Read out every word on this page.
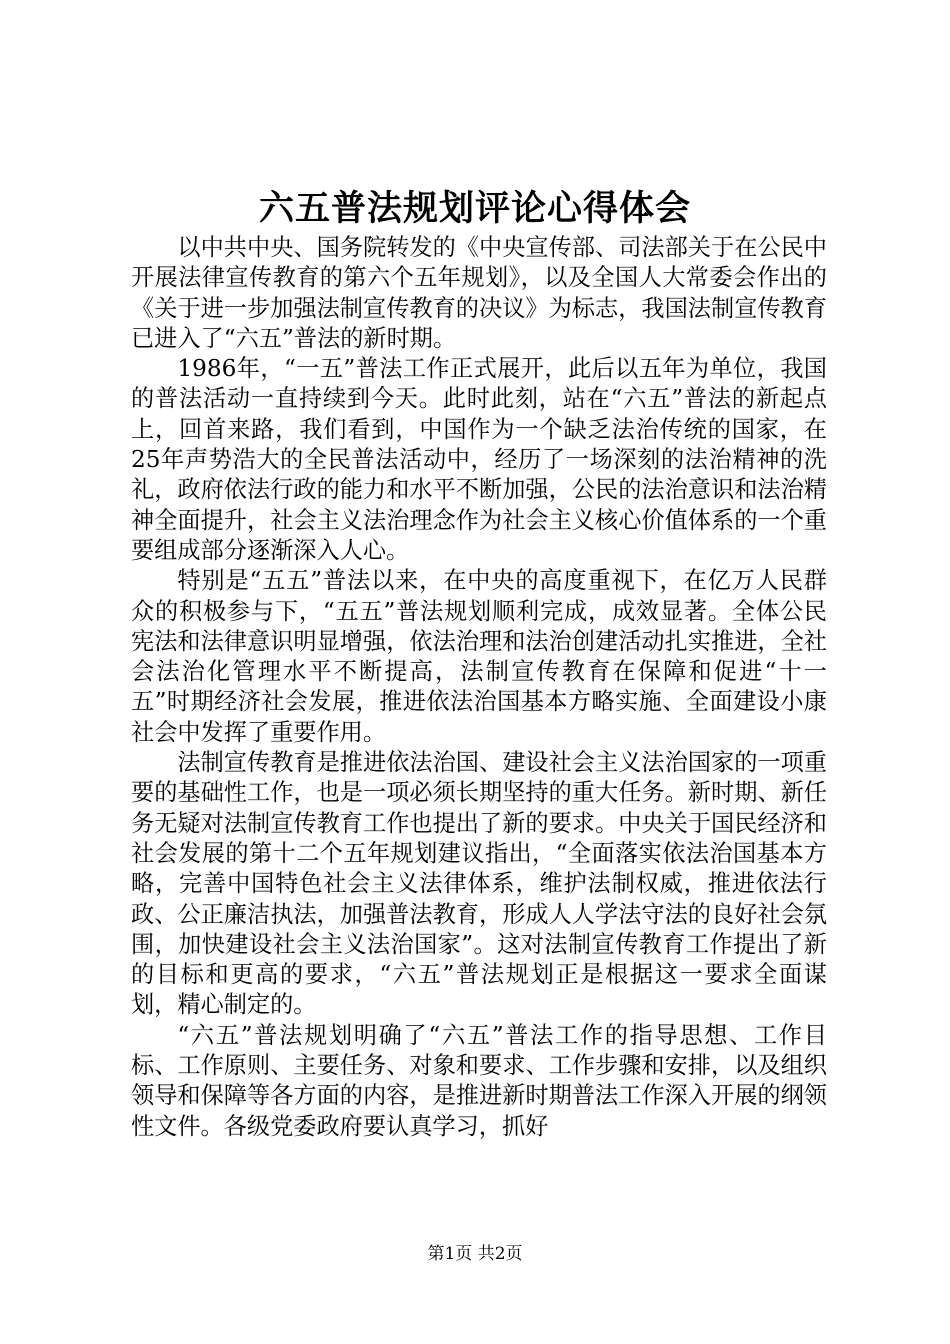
六五普法规划评论心得体会

以中共中央、国务院转发的《中央宣传部、司法部关于在公民中开展法律宣传教育的第六个五年规划》，以及全国人大常委会作出的《关于进一步加强法制宣传教育的决议》为标志，我国法制宣传教育已进入了“六五”普法的新时期。

1986年，“一五”普法工作正式展开，此后以五年为单位，我国的普法活动一直持续到今天。此时此刻，站在“六五”普法的新起点上，回首来路，我们看到，中国作为一个缺乏法治传统的国家，在25年声势浩大的全民普法活动中，经历了一场深刻的法治精神的洗礼，政府依法行政的能力和水平不断加强，公民的法治意识和法治精神全面提升，社会主义法治理念作为社会主义核心价值体系的一个重要组成部分逐渐深入人心。

特别是“五五”普法以来，在中央的高度重视下，在亿万人民群众的积极参与下，“五五”普法规划顺利完成，成效显著。全体公民宪法和法律意识明显增强，依法治理和法治创建活动扎实推进，全社会法治化管理水平不断提高，法制宣传教育在保障和促进“十一五”时期经济社会发展，推进依法治国基本方略实施、全面建设小康社会中发挥了重要作用。

法制宣传教育是推进依法治国、建设社会主义法治国家的一项重要的基础性工作，也是一项必须长期坚持的重大任务。新时期、新任务无疑对法制宣传教育工作也提出了新的要求。中央关于国民经济和社会发展的第十二个五年规划建议指出，“全面落实依法治国基本方略，完善中国特色社会主义法律体系，维护法制权威，推进依法行政、公正廉洁执法，加强普法教育，形成人人学法守法的良好社会氛围，加快建设社会主义法治国家”。这对法制宣传教育工作提出了新的目标和更高的要求，“六五”普法规划正是根据这一要求全面谋划，精心制定的。

“六五”普法规划明确了“六五”普法工作的指导思想、工作目标、工作原则、主要任务、对象和要求、工作步骤和安排，以及组织领导和保障等各方面的内容，是推进新时期普法工作深入开展的纲领性文件。各级党委政府要认真学习，抓好

第1页 共2页
